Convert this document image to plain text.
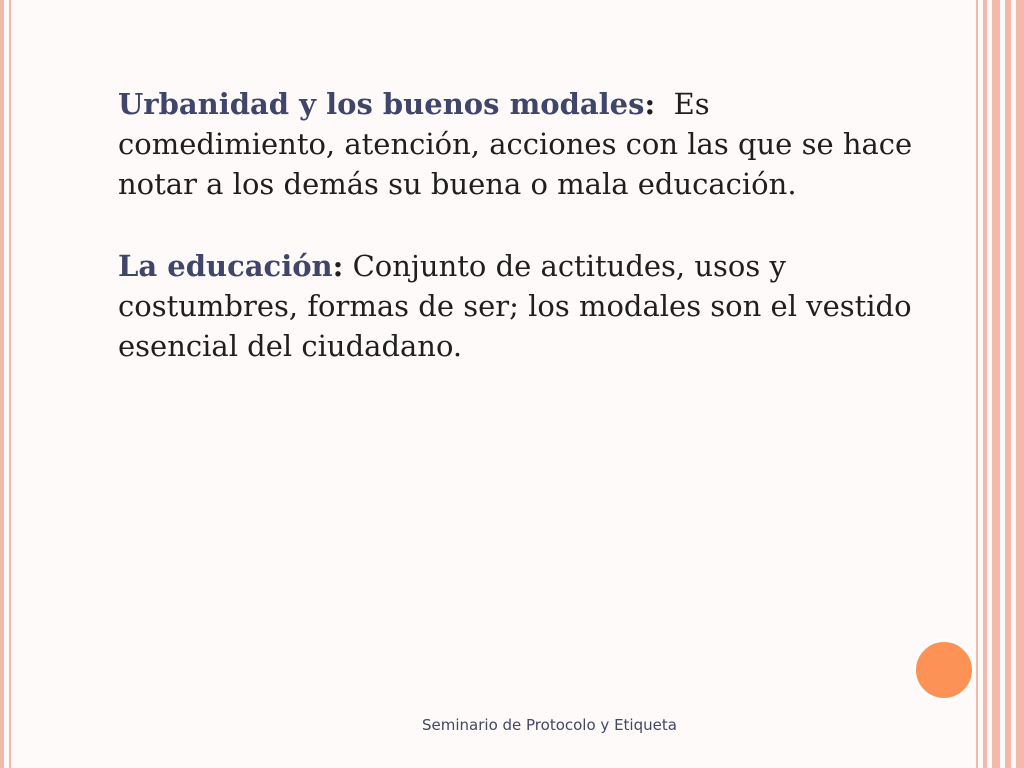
Urbanidad y los buenos modales:  Es comedimiento, atención, acciones con las que se hace notar a los demás su buena o mala educación.

La educación: Conjunto de actitudes, usos y costumbres, formas de ser; los modales son el vestido esencial del ciudadano.

Seminario de Protocolo y Etiqueta
